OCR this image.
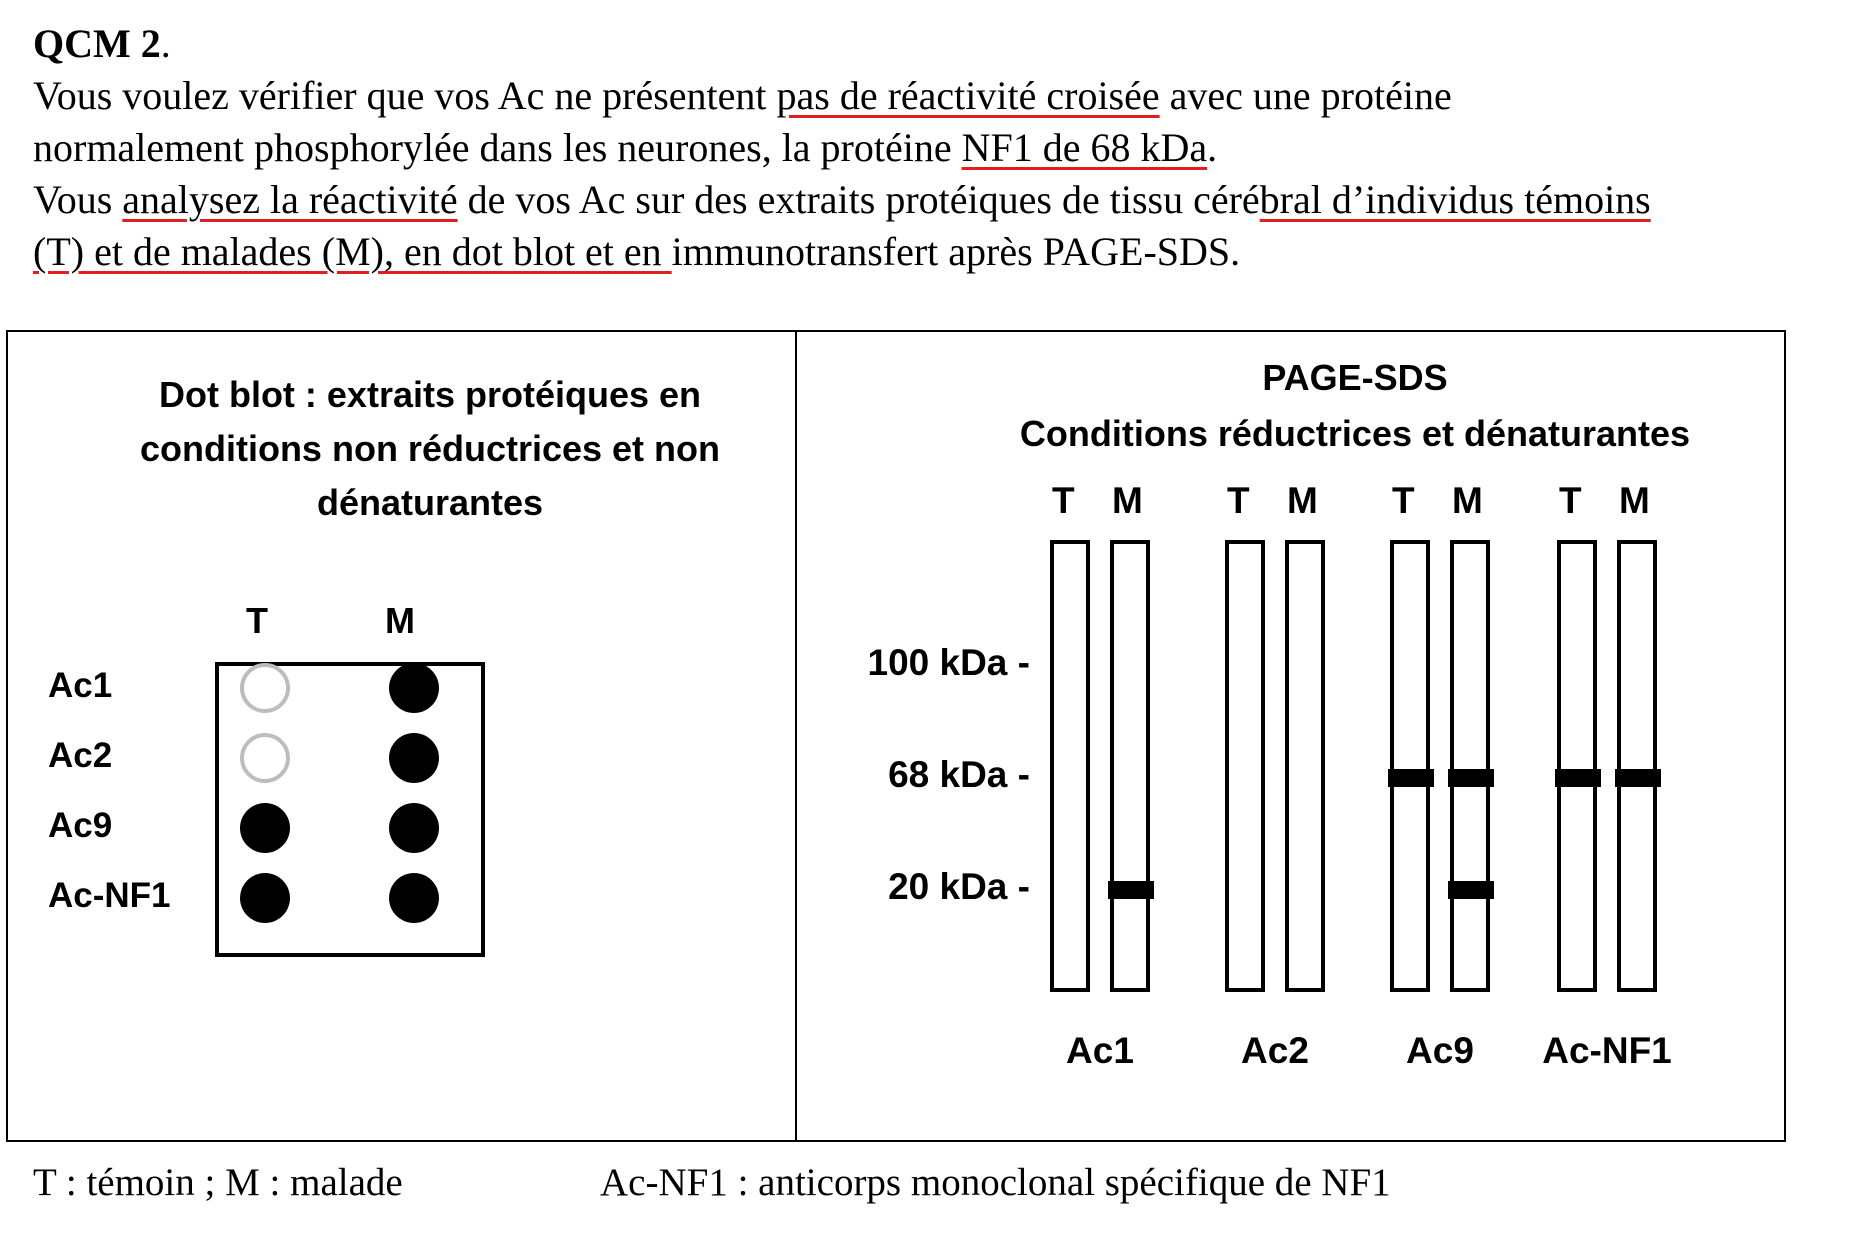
QCM 2.
Vous voulez vérifier que vos Ac ne présentent pas de réactivité croisée avec une protéine
normalement phosphorylée dans les neurones, la protéine NF1 de 68 kDa.
Vous analysez la réactivité de vos Ac sur des extraits protéiques de tissu cérébral d’individus témoins
(T) et de malades (M), en dot blot et en immunotransfert après PAGE-SDS.
Dot blot : extraits protéiques en
conditions non réductrices et non
dénaturantes
T	M
Ac1
Ac2
Ac9
Ac-NF1
PAGE-SDS
Conditions réductrices et dénaturantes
100 kDa -
68 kDa -
20 kDa -
T M
Ac1
T M
Ac2
T M
Ac9
T M
Ac-NF1
T : témoin ; M : malade	Ac-NF1 : anticorps monoclonal spécifique de NF1
